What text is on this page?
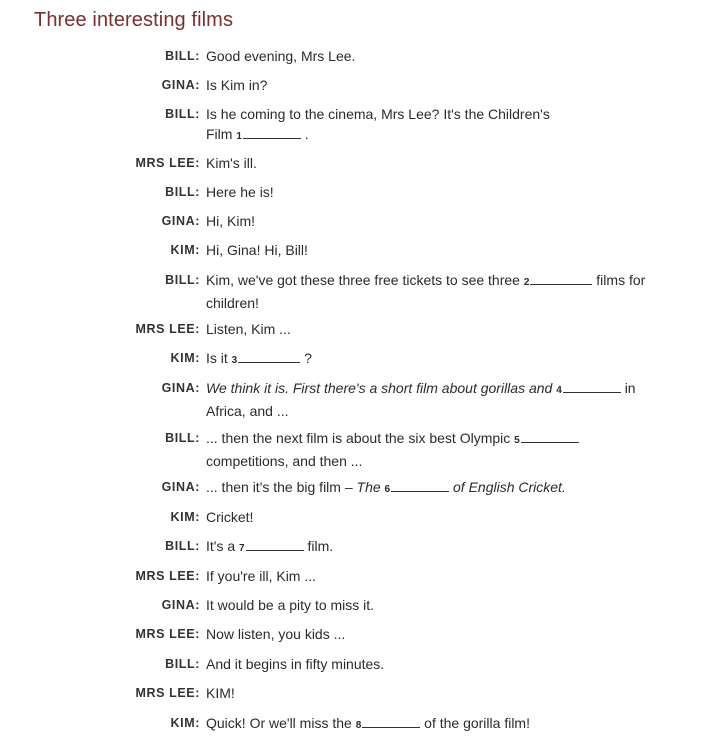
Three interesting films
BILL: Good evening, Mrs Lee.
GINA: Is Kim in?
BILL: Is he coming to the cinema, Mrs Lee? It's the Children's
Film 1	.
MRS LEE: Kim's ill.
BILL: Here he is!
GINA: Hi, Kim!
KIM: Hi, Gina! Hi, Bill!
BILL: Kim, we've got these three free tickets to see three 2	films for
children!
MRS LEE: Listen, Kim ...
KIM: Is it 3	?
GINA: We think it is. First there's a short film about gorillas and 4	in
Africa, and ...
BILL: ... then the next film is about the six best Olympic 5
competitions, and then ...
GINA: ... then it's the big film – The 6	of English Cricket.
KIM: Cricket!
BILL: It's a 7	film.
MRS LEE: If you're ill, Kim ...
GINA: It would be a pity to miss it.
MRS LEE: Now listen, you kids ...
BILL: And it begins in fifty minutes.
MRS LEE: KIM!
KIM: Quick! Or we'll miss the 8	of the gorilla film!
